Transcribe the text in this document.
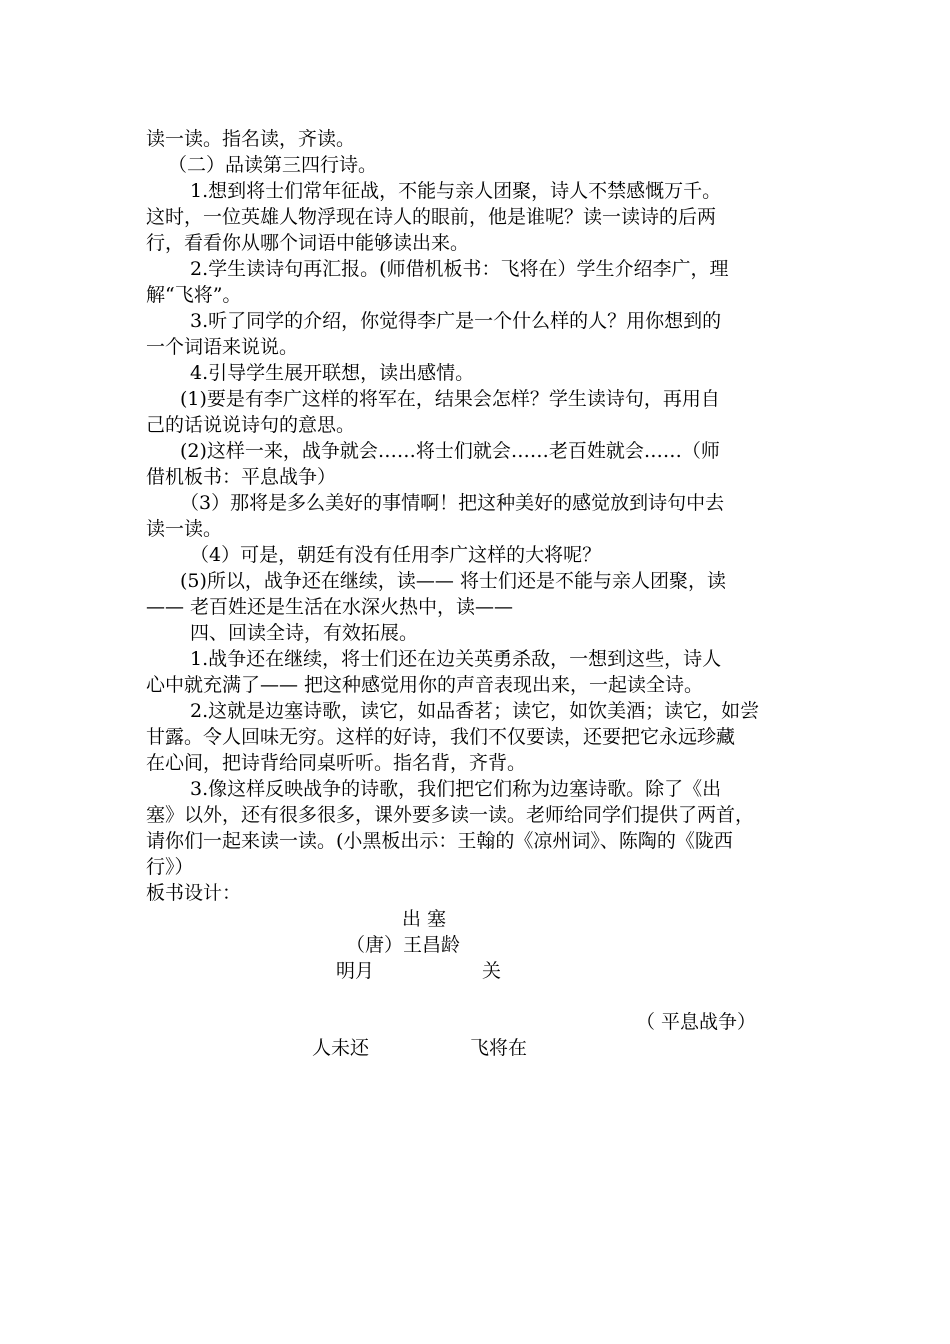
读一读。指名读，齐读。
（二）品读第三四行诗。
1.想到将士们常年征战，不能与亲人团聚，诗人不禁感慨万千。
这时，一位英雄人物浮现在诗人的眼前，他是谁呢？读一读诗的后两
行，看看你从哪个词语中能够读出来。
2.学生读诗句再汇报。(师借机板书：飞将在）学生介绍李广，理
解“飞将”。
3.听了同学的介绍，你觉得李广是一个什么样的人？用你想到的
一个词语来说说。
4.引导学生展开联想，读出感情。
(1)要是有李广这样的将军在，结果会怎样？学生读诗句，再用自
己的话说说诗句的意思。
(2)这样一来，战争就会……将士们就会……老百姓就会……（师
借机板书：平息战争）
（3）那将是多么美好的事情啊！把这种美好的感觉放到诗句中去
读一读。
（4）可是，朝廷有没有任用李广这样的大将呢？
(5)所以，战争还在继续，读—— 将士们还是不能与亲人团聚，读
—— 老百姓还是生活在水深火热中，读——
四、回读全诗，有效拓展。
1.战争还在继续，将士们还在边关英勇杀敌，一想到这些，诗人
心中就充满了—— 把这种感觉用你的声音表现出来，一起读全诗。
2.这就是边塞诗歌，读它，如品香茗；读它，如饮美酒；读它，如尝
甘露。令人回味无穷。这样的好诗，我们不仅要读，还要把它永远珍藏
在心间，把诗背给同桌听听。指名背，齐背。
3.像这样反映战争的诗歌，我们把它们称为边塞诗歌。除了《出
塞》以外，还有很多很多，课外要多读一读。老师给同学们提供了两首，
请你们一起来读一读。(小黑板出示：王翰的《凉州词》、陈陶的《陇西
行》）
板书设计：
出 塞
（唐）王昌龄
明月	关
（ 平息战争）
人未还	飞将在
